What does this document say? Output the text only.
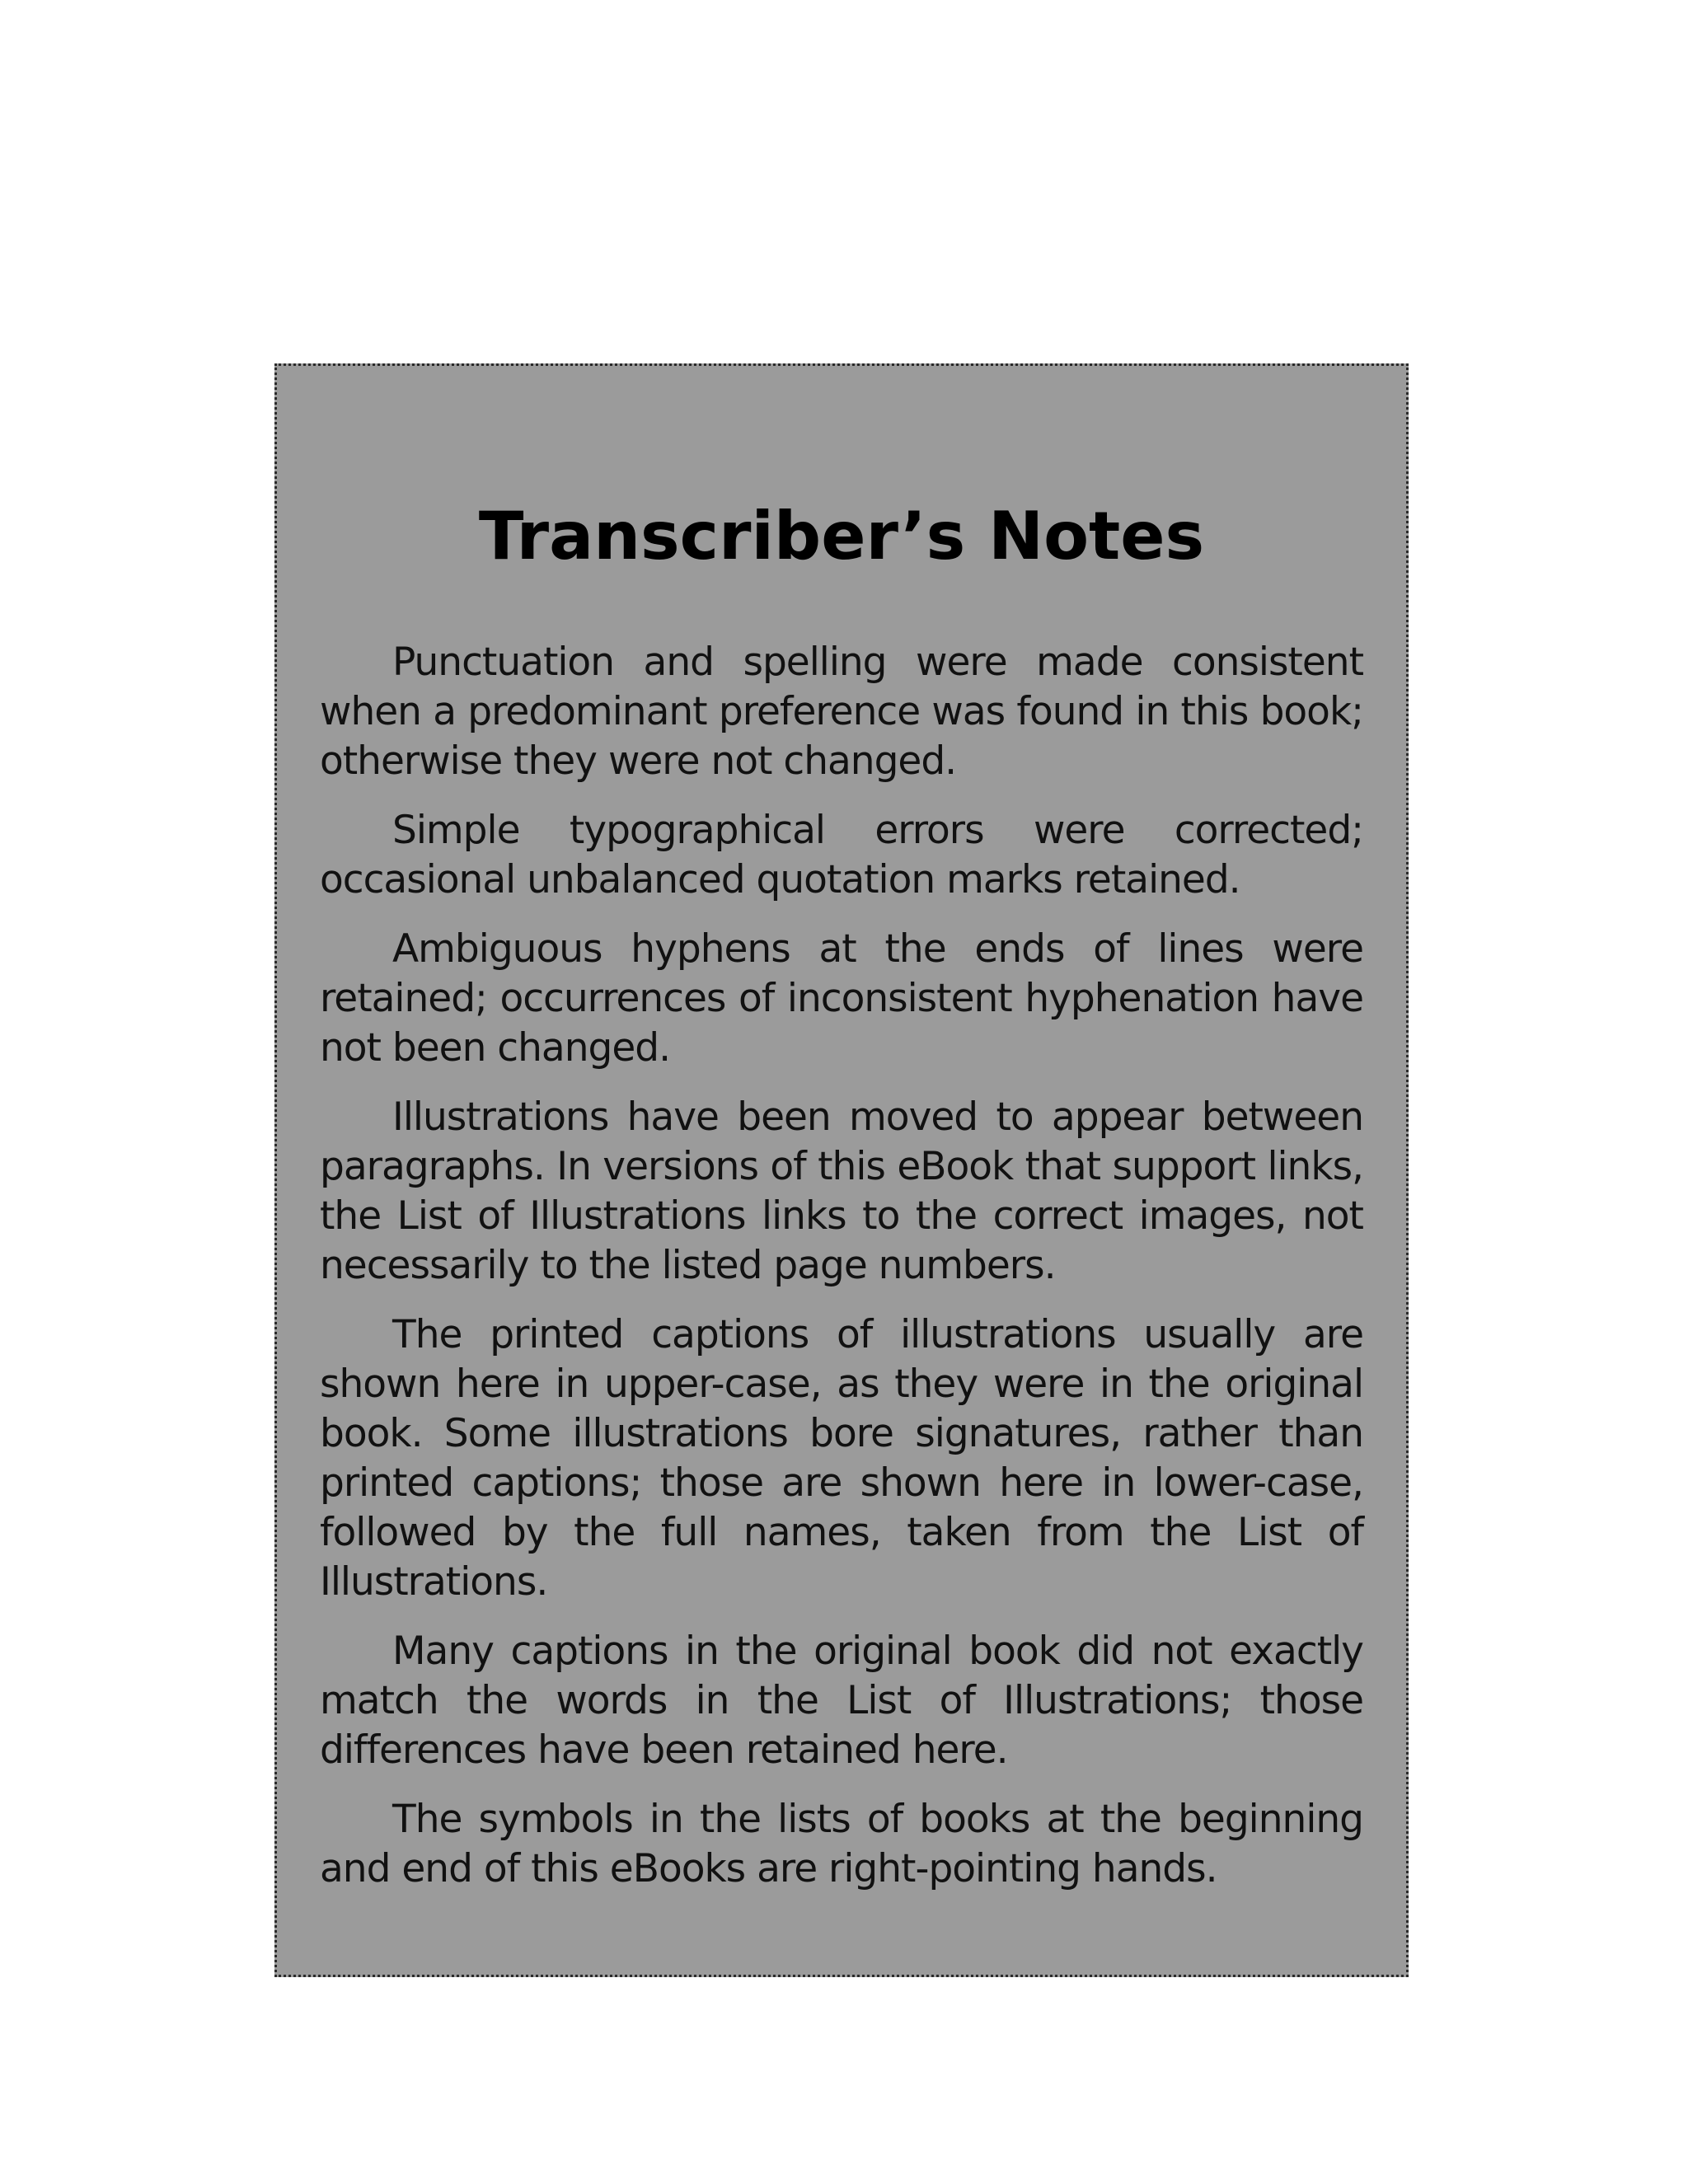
Transcriber’s Notes

Punctuation and spelling were made consistent when a predominant preference was found in this book; otherwise they were not changed.

Simple typographical errors were corrected; occasional unbalanced quotation marks retained.

Ambiguous hyphens at the ends of lines were retained; occurrences of inconsistent hyphenation have not been changed.

Illustrations have been moved to appear between paragraphs. In versions of this eBook that support links, the List of Illustrations links to the correct images, not necessarily to the listed page numbers.

The printed captions of illustrations usually are shown here in upper-case, as they were in the original book. Some illustrations bore signatures, rather than printed captions; those are shown here in lower-case, followed by the full names, taken from the List of Illustrations.

Many captions in the original book did not exactly match the words in the List of Illustrations; those differences have been retained here.

The symbols in the lists of books at the beginning and end of this eBooks are right-pointing hands.
